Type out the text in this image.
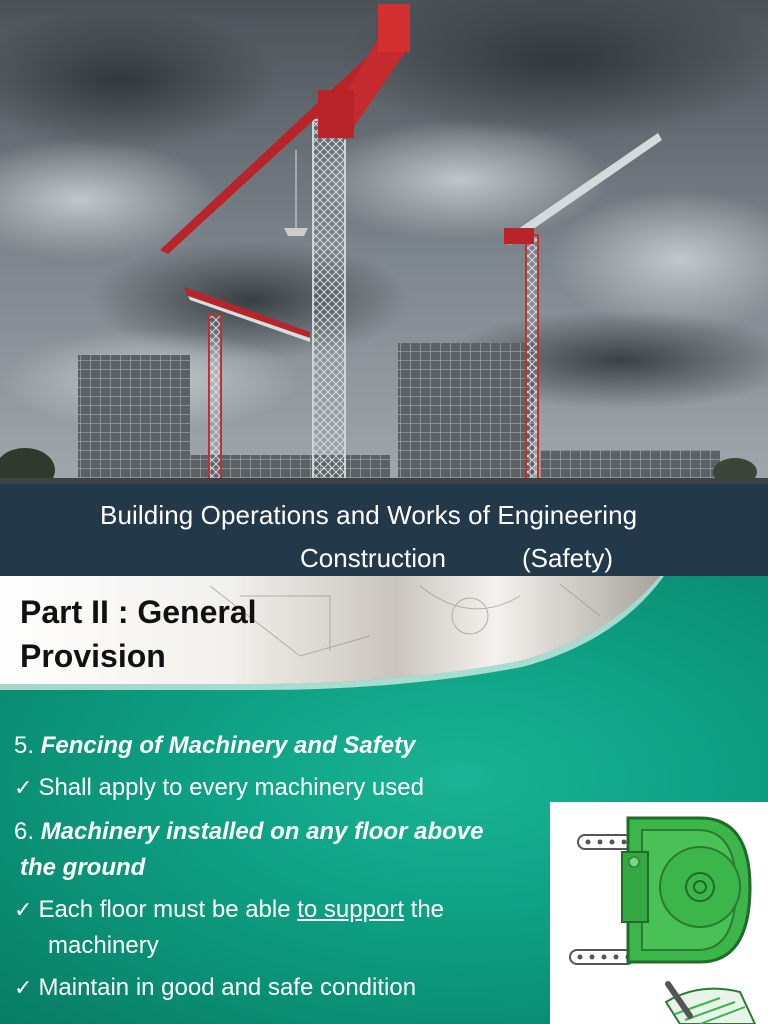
Building Operations and Works of Engineering
Construction	(Safety)
Part II : General
Provision
5. Fencing of Machinery and Safety
✓ Shall apply to every machinery used
6. Machinery installed on any floor above
the ground
✓ Each floor must be able to support the
machinery
✓ Maintain in good and safe condition
